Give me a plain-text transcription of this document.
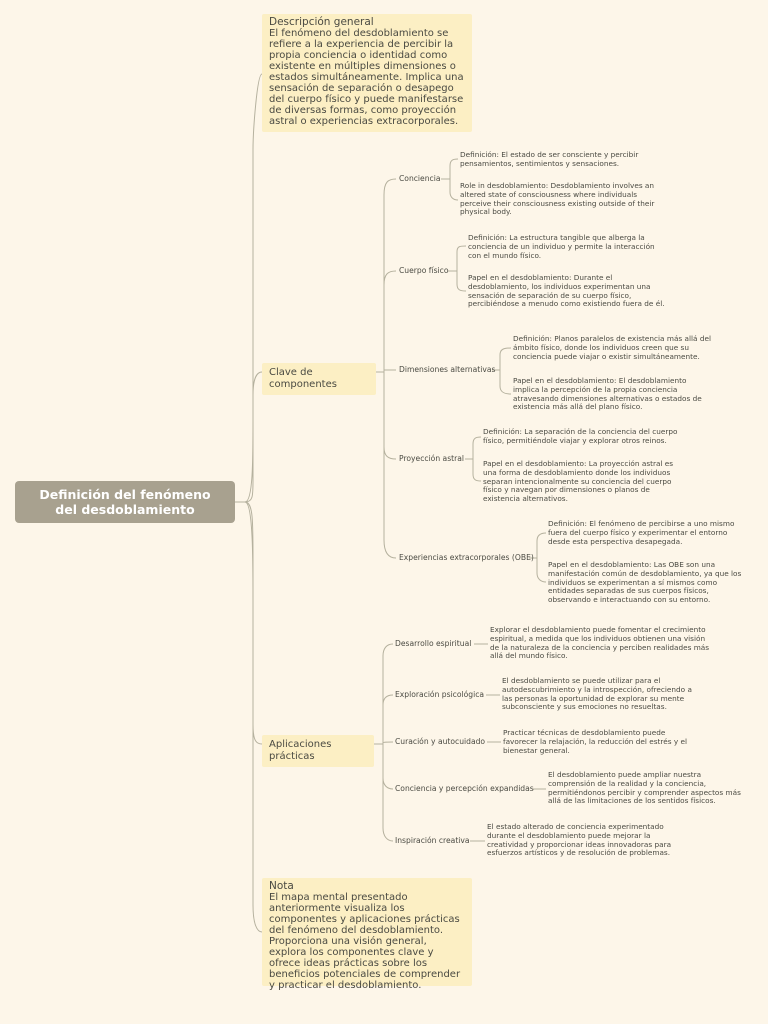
Definición del fenómeno del desdoblamiento
Descripción general
El fenómeno del desdoblamiento se refiere a la experiencia de percibir la propia conciencia o identidad como existente en múltiples dimensiones o estados simultáneamente. Implica una sensación de separación o desapego del cuerpo físico y puede manifestarse de diversas formas, como proyección astral o experiencias extracorporales.
Clave de componentes
Conciencia
Cuerpo físico
Dimensiones alternativas
Proyección astral
Experiencias extracorporales (OBE)
Definición: El estado de ser consciente y percibir pensamientos, sentimientos y sensaciones.
Role in desdoblamiento: Desdoblamiento involves an altered state of consciousness where individuals perceive their consciousness existing outside of their physical body.
Definición: La estructura tangible que alberga la conciencia de un individuo y permite la interacción con el mundo físico.
Papel en el desdoblamiento: Durante el desdoblamiento, los individuos experimentan una sensación de separación de su cuerpo físico, percibiéndose a menudo como existiendo fuera de él.
Definición: Planos paralelos de existencia más allá del ámbito físico, donde los individuos creen que su conciencia puede viajar o existir simultáneamente.
Papel en el desdoblamiento: El desdoblamiento implica la percepción de la propia conciencia atravesando dimensiones alternativas o estados de existencia más allá del plano físico.
Definición: La separación de la conciencia del cuerpo físico, permitiéndole viajar y explorar otros reinos.
Papel en el desdoblamiento: La proyección astral es una forma de desdoblamiento donde los individuos separan intencionalmente su conciencia del cuerpo físico y navegan por dimensiones o planos de existencia alternativos.
Definición: El fenómeno de percibirse a uno mismo fuera del cuerpo físico y experimentar el entorno desde esta perspectiva desapegada.
Papel en el desdoblamiento: Las OBE son una manifestación común de desdoblamiento, ya que los individuos se experimentan a sí mismos como entidades separadas de sus cuerpos físicos, observando e interactuando con su entorno.
Aplicaciones prácticas
Desarrollo espiritual
Exploración psicológica
Curación y autocuidado
Conciencia y percepción expandidas
Inspiración creativa
Explorar el desdoblamiento puede fomentar el crecimiento espiritual, a medida que los individuos obtienen una visión de la naturaleza de la conciencia y perciben realidades más allá del mundo físico.
El desdoblamiento se puede utilizar para el autodescubrimiento y la introspección, ofreciendo a las personas la oportunidad de explorar su mente subconsciente y sus emociones no resueltas.
Practicar técnicas de desdoblamiento puede favorecer la relajación, la reducción del estrés y el bienestar general.
El desdoblamiento puede ampliar nuestra comprensión de la realidad y la conciencia, permitiéndonos percibir y comprender aspectos más allá de las limitaciones de los sentidos físicos.
El estado alterado de conciencia experimentado durante el desdoblamiento puede mejorar la creatividad y proporcionar ideas innovadoras para esfuerzos artísticos y de resolución de problemas.
Nota
El mapa mental presentado anteriormente visualiza los componentes y aplicaciones prácticas del fenómeno del desdoblamiento. Proporciona una visión general, explora los componentes clave y ofrece ideas prácticas sobre los beneficios potenciales de comprender y practicar el desdoblamiento.
